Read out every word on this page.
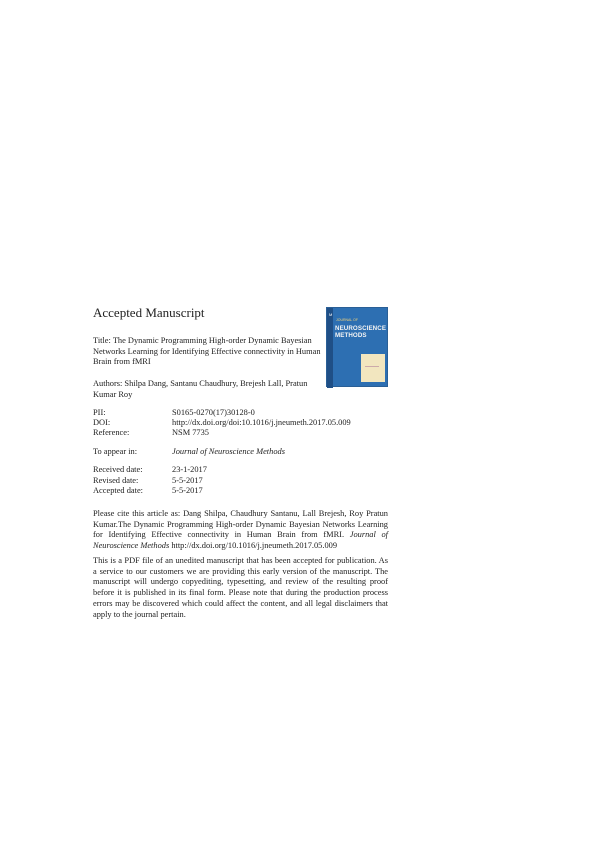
Accepted Manuscript
Title: The Dynamic Programming High-order Dynamic Bayesian Networks Learning for Identifying Effective connectivity in Human Brain from fMRI
Authors: Shilpa Dang, Santanu Chaudhury, Brejesh Lall, Pratun Kumar Roy
M
JOURNAL OF
NEUROSCIENCE METHODS
PII:	S0165-0270(17)30128-0
DOI:	http://dx.doi.org/doi:10.1016/j.jneumeth.2017.05.009
Reference:	NSM 7735
To appear in:	Journal of Neuroscience Methods
Received date:	23-1-2017
Revised date:	5-5-2017
Accepted date:	5-5-2017
Please cite this article as: Dang Shilpa, Chaudhury Santanu, Lall Brejesh, Roy Pratun Kumar.The Dynamic Programming High-order Dynamic Bayesian Networks Learning for Identifying Effective connectivity in Human Brain from fMRI. Journal of Neuroscience Methods http://dx.doi.org/10.1016/j.jneumeth.2017.05.009
This is a PDF file of an unedited manuscript that has been accepted for publication. As a service to our customers we are providing this early version of the manuscript. The manuscript will undergo copyediting, typesetting, and review of the resulting proof before it is published in its final form. Please note that during the production process errors may be discovered which could affect the content, and all legal disclaimers that apply to the journal pertain.
